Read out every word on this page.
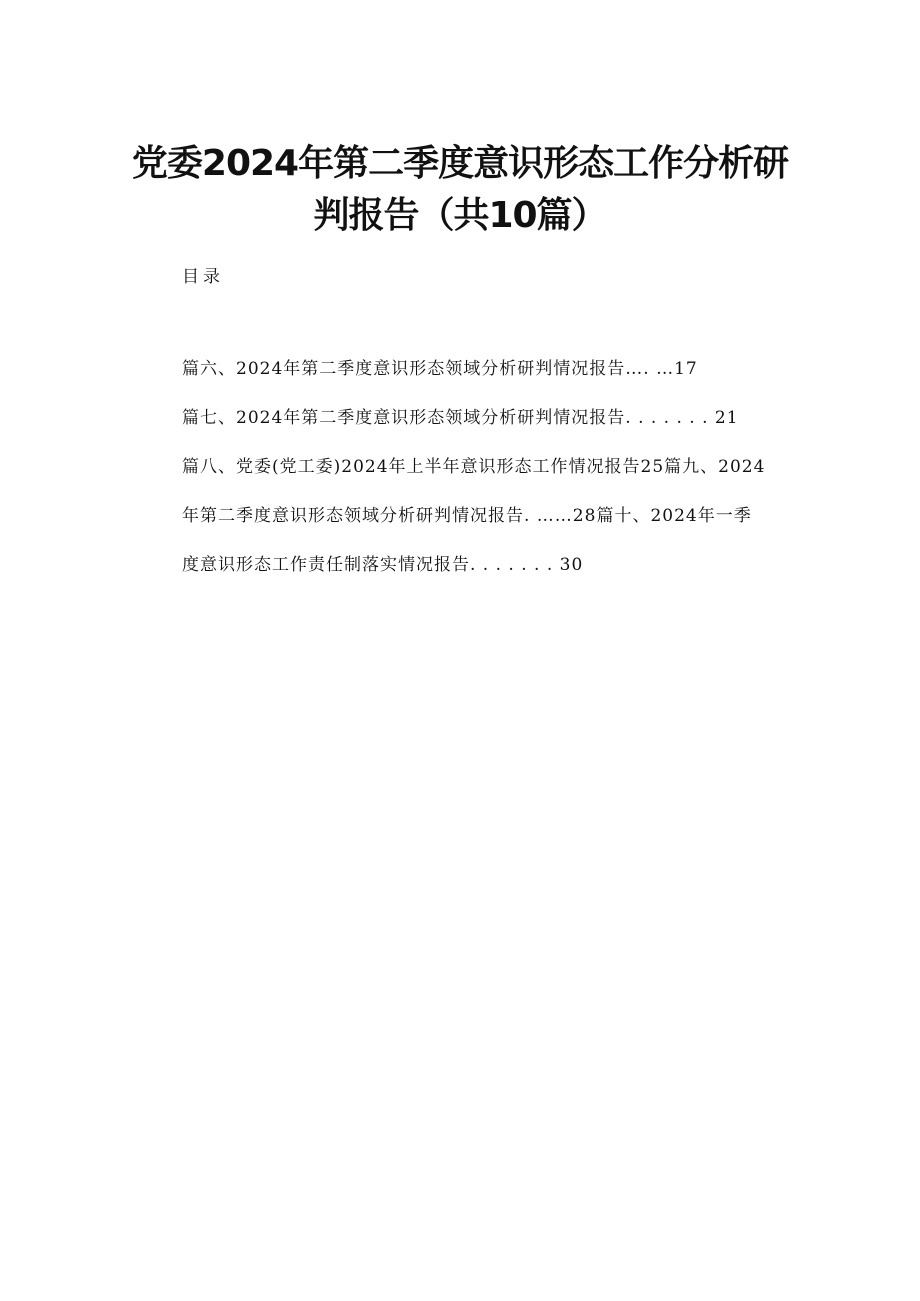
党委2024年第二季度意识形态工作分析研
判报告（共10篇）

目录

篇六、2024年第二季度意识形态领域分析研判情况报告…. …17
篇七、2024年第二季度意识形态领域分析研判情况报告. . . . . . . 21
篇八、党委(党工委)2024年上半年意识形态工作情况报告25篇九、2024
年第二季度意识形态领域分析研判情况报告. ……28篇十、2024年一季
度意识形态工作责任制落实情况报告. . . . . . . 30
